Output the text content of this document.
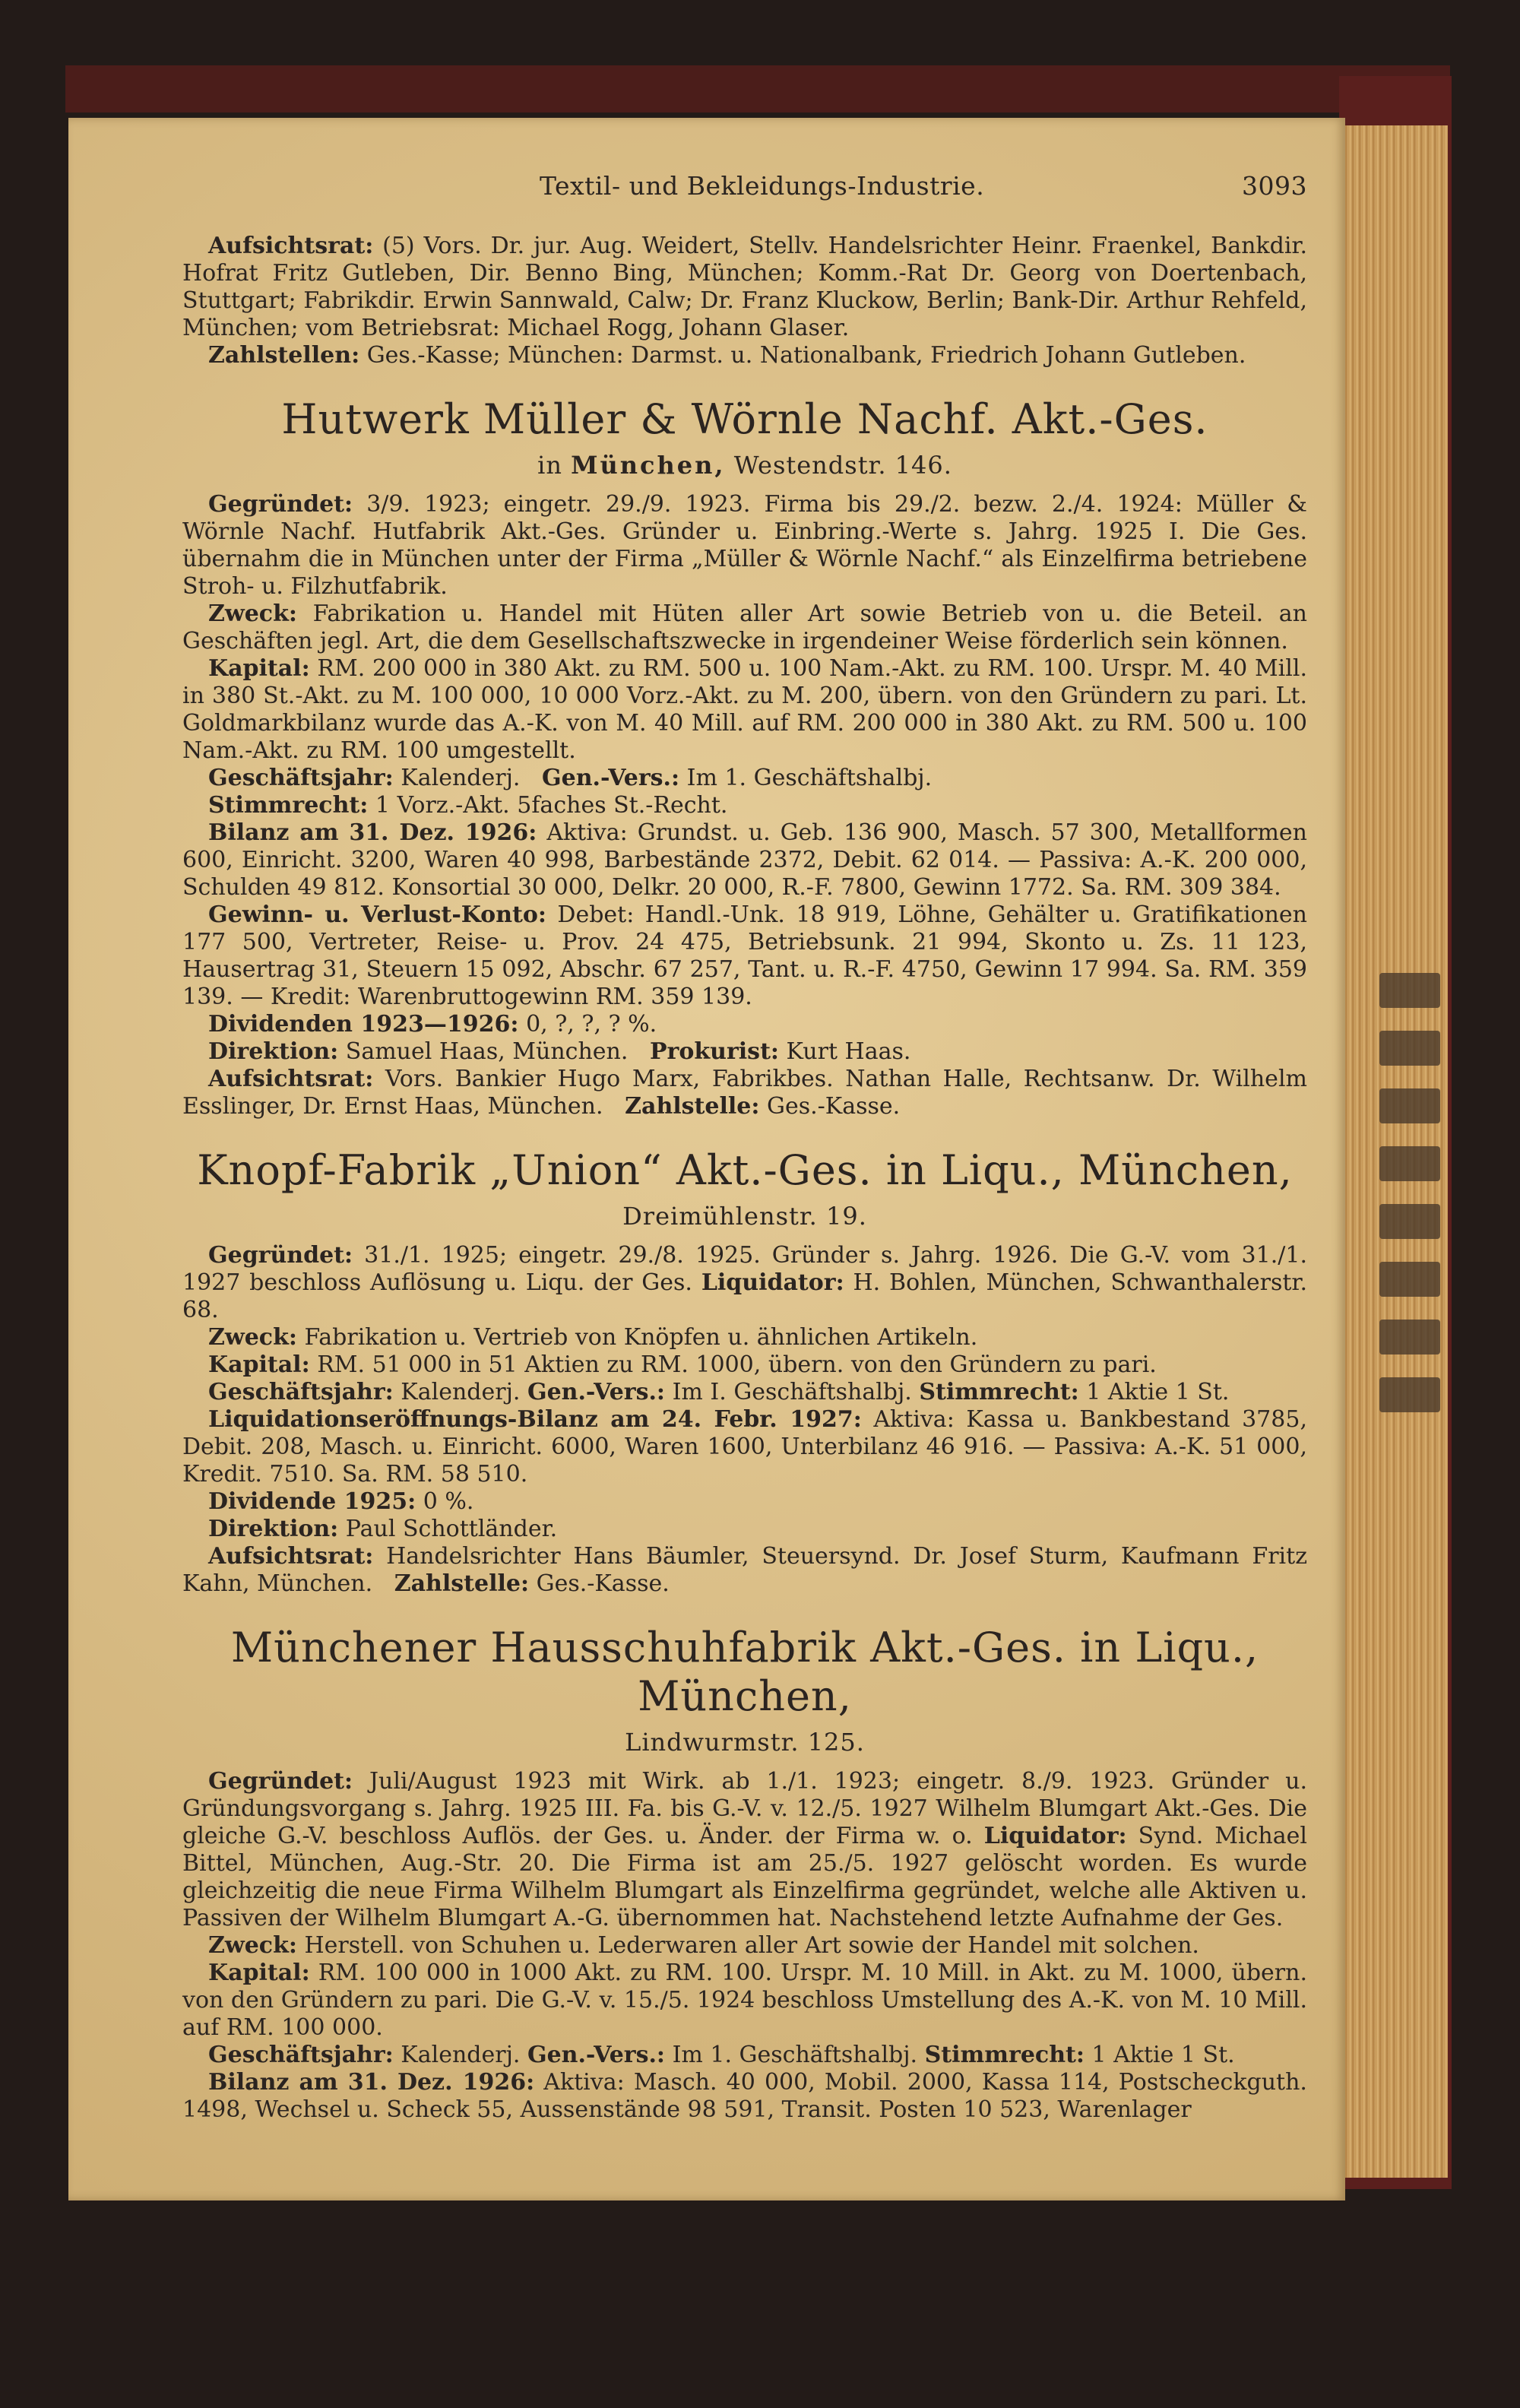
Textil- und Bekleidungs-Industrie.	3093

Aufsichtsrat: (5) Vors. Dr. jur. Aug. Weidert, Stellv. Handelsrichter Heinr. Fraenkel, Bankdir. Hofrat Fritz Gutleben, Dir. Benno Bing, München; Komm.-Rat Dr. Georg von Doertenbach, Stuttgart; Fabrikdir. Erwin Sannwald, Calw; Dr. Franz Kluckow, Berlin; Bank-Dir. Arthur Rehfeld, München; vom Betriebsrat: Michael Rogg, Johann Glaser.

Zahlstellen: Ges.-Kasse; München: Darmst. u. Nationalbank, Friedrich Johann Gutleben.

Hutwerk Müller & Wörnle Nachf. Akt.-Ges.
in München, Westendstr. 146.

Gegründet: 3/9. 1923; eingetr. 29./9. 1923. Firma bis 29./2. bezw. 2./4. 1924: Müller & Wörnle Nachf. Hutfabrik Akt.-Ges. Gründer u. Einbring.-Werte s. Jahrg. 1925 I. Die Ges. übernahm die in München unter der Firma „Müller & Wörnle Nachf.“ als Einzelfirma betriebene Stroh- u. Filzhutfabrik.

Zweck: Fabrikation u. Handel mit Hüten aller Art sowie Betrieb von u. die Beteil. an Geschäften jegl. Art, die dem Gesellschaftszwecke in irgendeiner Weise förderlich sein können.

Kapital: RM. 200 000 in 380 Akt. zu RM. 500 u. 100 Nam.-Akt. zu RM. 100. Urspr. M. 40 Mill. in 380 St.-Akt. zu M. 100 000, 10 000 Vorz.-Akt. zu M. 200, übern. von den Gründern zu pari. Lt. Goldmarkbilanz wurde das A.-K. von M. 40 Mill. auf RM. 200 000 in 380 Akt. zu RM. 500 u. 100 Nam.-Akt. zu RM. 100 umgestellt.

Geschäftsjahr: Kalenderj. Gen.-Vers.: Im 1. Geschäftshalbj.

Stimmrecht: 1 Vorz.-Akt. 5faches St.-Recht.

Bilanz am 31. Dez. 1926: Aktiva: Grundst. u. Geb. 136 900, Masch. 57 300, Metallformen 600, Einricht. 3200, Waren 40 998, Barbestände 2372, Debit. 62 014. — Passiva: A.-K. 200 000, Schulden 49 812. Konsortial 30 000, Delkr. 20 000, R.-F. 7800, Gewinn 1772. Sa. RM. 309 384.

Gewinn- u. Verlust-Konto: Debet: Handl.-Unk. 18 919, Löhne, Gehälter u. Gratifikationen 177 500, Vertreter, Reise- u. Prov. 24 475, Betriebsunk. 21 994, Skonto u. Zs. 11 123, Hausertrag 31, Steuern 15 092, Abschr. 67 257, Tant. u. R.-F. 4750, Gewinn 17 994. Sa. RM. 359 139. — Kredit: Warenbruttogewinn RM. 359 139.

Dividenden 1923—1926: 0, ?, ?, ? %.

Direktion: Samuel Haas, München. Prokurist: Kurt Haas.

Aufsichtsrat: Vors. Bankier Hugo Marx, Fabrikbes. Nathan Halle, Rechtsanw. Dr. Wilhelm Esslinger, Dr. Ernst Haas, München. Zahlstelle: Ges.-Kasse.

Knopf-Fabrik „Union“ Akt.-Ges. in Liqu., München,
Dreimühlenstr. 19.

Gegründet: 31./1. 1925; eingetr. 29./8. 1925. Gründer s. Jahrg. 1926. Die G.-V. vom 31./1. 1927 beschloss Auflösung u. Liqu. der Ges. Liquidator: H. Bohlen, München, Schwanthalerstr. 68.

Zweck: Fabrikation u. Vertrieb von Knöpfen u. ähnlichen Artikeln.

Kapital: RM. 51 000 in 51 Aktien zu RM. 1000, übern. von den Gründern zu pari.

Geschäftsjahr: Kalenderj. Gen.-Vers.: Im I. Geschäftshalbj. Stimmrecht: 1 Aktie 1 St.

Liquidationseröffnungs-Bilanz am 24. Febr. 1927: Aktiva: Kassa u. Bankbestand 3785, Debit. 208, Masch. u. Einricht. 6000, Waren 1600, Unterbilanz 46 916. — Passiva: A.-K. 51 000, Kredit. 7510. Sa. RM. 58 510.

Dividende 1925: 0 %.

Direktion: Paul Schottländer.

Aufsichtsrat: Handelsrichter Hans Bäumler, Steuersynd. Dr. Josef Sturm, Kaufmann Fritz Kahn, München. Zahlstelle: Ges.-Kasse.

Münchener Hausschuhfabrik Akt.-Ges. in Liqu., München,
Lindwurmstr. 125.

Gegründet: Juli/August 1923 mit Wirk. ab 1./1. 1923; eingetr. 8./9. 1923. Gründer u. Gründungsvorgang s. Jahrg. 1925 III. Fa. bis G.-V. v. 12./5. 1927 Wilhelm Blumgart Akt.-Ges. Die gleiche G.-V. beschloss Auflös. der Ges. u. Änder. der Firma w. o. Liquidator: Synd. Michael Bittel, München, Aug.-Str. 20. Die Firma ist am 25./5. 1927 gelöscht worden. Es wurde gleichzeitig die neue Firma Wilhelm Blumgart als Einzelfirma gegründet, welche alle Aktiven u. Passiven der Wilhelm Blumgart A.-G. übernommen hat. Nachstehend letzte Aufnahme der Ges.

Zweck: Herstell. von Schuhen u. Lederwaren aller Art sowie der Handel mit solchen.

Kapital: RM. 100 000 in 1000 Akt. zu RM. 100. Urspr. M. 10 Mill. in Akt. zu M. 1000, übern. von den Gründern zu pari. Die G.-V. v. 15./5. 1924 beschloss Umstellung des A.-K. von M. 10 Mill. auf RM. 100 000.

Geschäftsjahr: Kalenderj. Gen.-Vers.: Im 1. Geschäftshalbj. Stimmrecht: 1 Aktie 1 St.

Bilanz am 31. Dez. 1926: Aktiva: Masch. 40 000, Mobil. 2000, Kassa 114, Postscheckguth. 1498, Wechsel u. Scheck 55, Aussenstände 98 591, Transit. Posten 10 523, Warenlager
